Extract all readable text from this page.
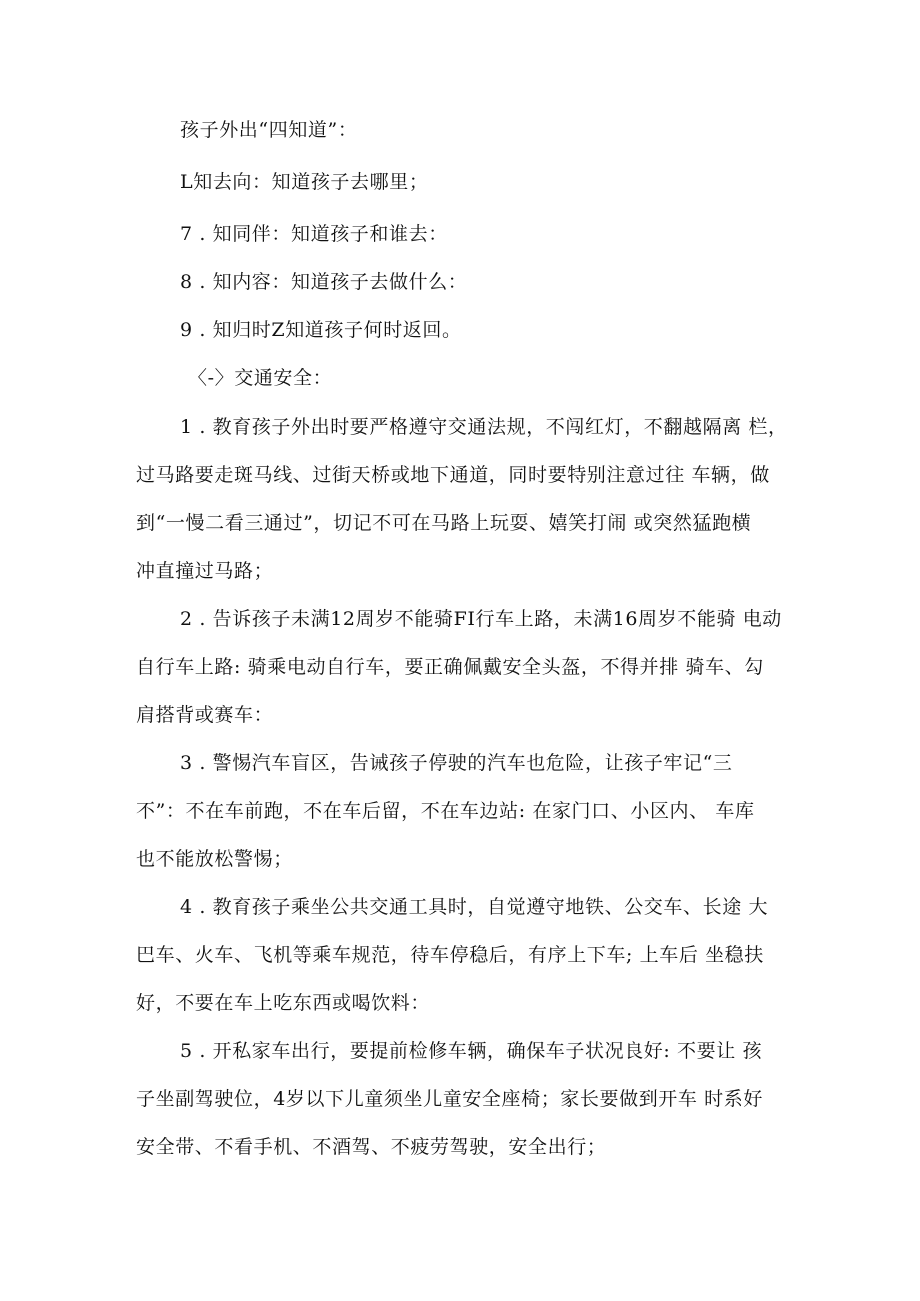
孩子外出“四知道”：
L知去向：知道孩子去哪里；
7 . 知同伴：知道孩子和谁去：
8 . 知内容：知道孩子去做什么：
9 . 知归时Z知道孩子何时返回。
〈-〉交通安全：
1 . 教育孩子外出时要严格遵守交通法规，不闯红灯，不翻越隔离 栏，
过马路要走斑马线、过街天桥或地下通道，同时要特别注意过往 车辆，做
到“一慢二看三通过”，切记不可在马路上玩耍、嬉笑打闹 或突然猛跑横
冲直撞过马路；
2 . 告诉孩子未满12周岁不能骑FI行车上路，未满16周岁不能骑 电动
自行车上路: 骑乘电动自行车，要正确佩戴安全头盔，不得并排 骑车、勾
肩搭背或赛车：
3 . 警惕汽车盲区，告诫孩子停驶的汽车也危险，让孩子牢记“三
不”：不在车前跑，不在车后留，不在车边站: 在家门口、小区内、 车库
也不能放松警惕；
4 . 教育孩子乘坐公共交通工具时，自觉遵守地铁、公交车、长途 大
巴车、火车、飞机等乘车规范，待车停稳后，有序上下车; 上车后 坐稳扶
好，不要在车上吃东西或喝饮料：
5 . 开私家车出行，要提前检修车辆，确保车子状况良好: 不要让 孩
子坐副驾驶位，4岁以下儿童须坐儿童安全座椅；家长要做到开车 时系好
安全带、不看手机、不酒驾、不疲劳驾驶，安全出行；
